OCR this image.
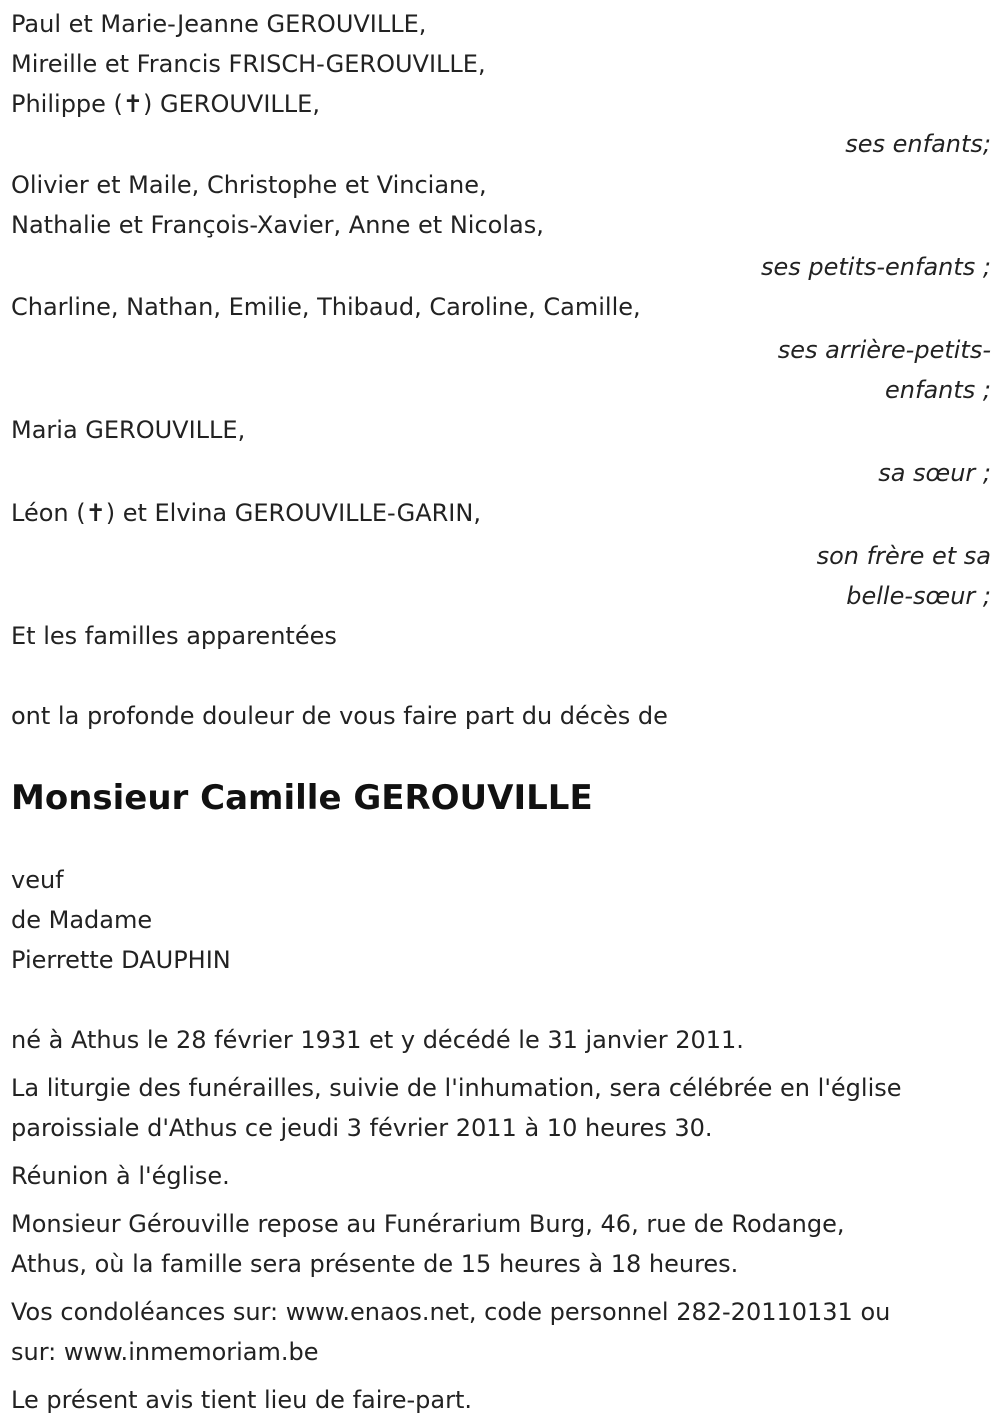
Paul et Marie-Jeanne GEROUVILLE,
Mireille et Francis FRISCH-GEROUVILLE,
Philippe (✝) GEROUVILLE,
ses enfants;
Olivier et Maile, Christophe et Vinciane,
Nathalie et François-Xavier, Anne et Nicolas,
ses petits-enfants ;
Charline, Nathan, Emilie, Thibaud, Caroline, Camille,
ses arrière-petits-
enfants ;
Maria GEROUVILLE,
sa sœur ;
Léon (✝) et Elvina GEROUVILLE-GARIN,
son frère et sa
belle-sœur ;
Et les familles apparentées
ont la profonde douleur de vous faire part du décès de
Monsieur Camille GEROUVILLE
veuf
de Madame
Pierrette DAUPHIN
né à Athus le 28 février 1931 et y décédé le 31 janvier 2011.
La liturgie des funérailles, suivie de l'inhumation, sera célébrée en l'église
paroissiale d'Athus ce jeudi 3 février 2011 à 10 heures 30.
Réunion à l'église.
Monsieur Gérouville repose au Funérarium Burg, 46, rue de Rodange,
Athus, où la famille sera présente de 15 heures à 18 heures.
Vos condoléances sur: www.enaos.net, code personnel 282-20110131 ou
sur: www.inmemoriam.be
Le présent avis tient lieu de faire-part.
